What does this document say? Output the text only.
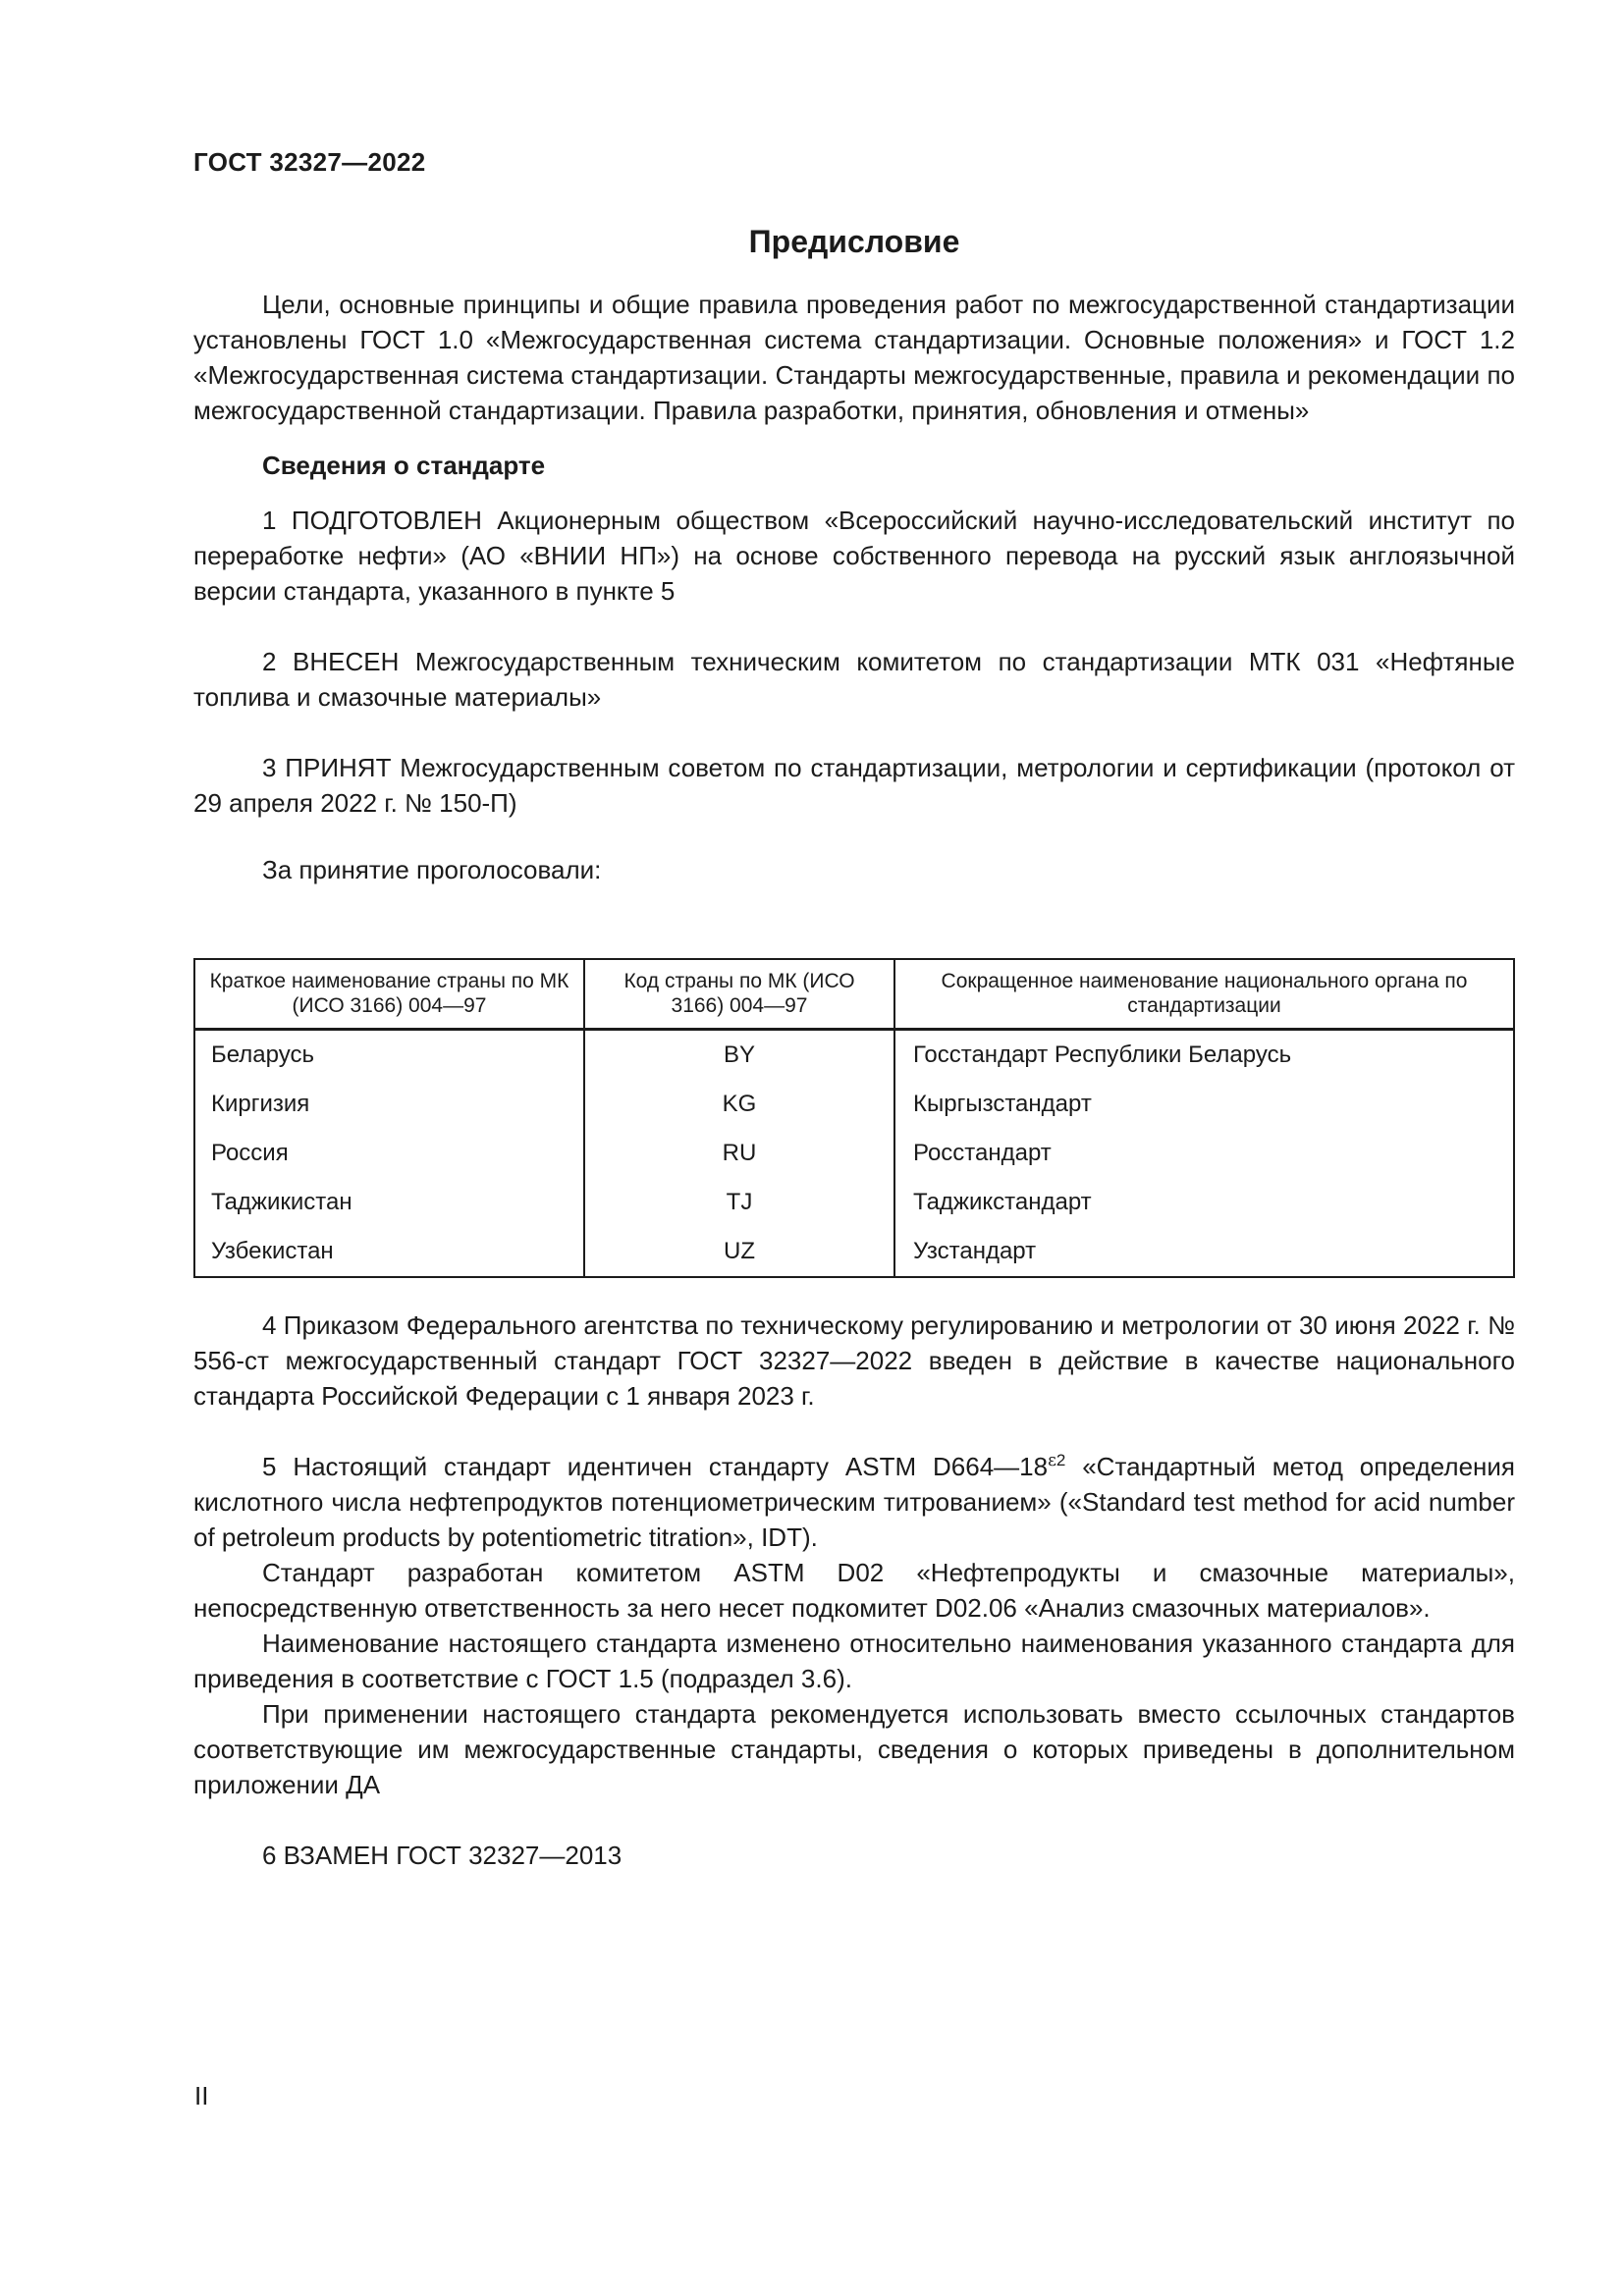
ГОСТ 32327—2022
Предисловие

Цели, основные принципы и общие правила проведения работ по межгосударственной стандартизации установлены ГОСТ 1.0 «Межгосударственная система стандартизации. Основные положения» и ГОСТ 1.2 «Межгосударственная система стандартизации. Стандарты межгосударственные, правила и рекомендации по межгосударственной стандартизации. Правила разработки, принятия, обновления и отмены»

Сведения о стандарте

1 ПОДГОТОВЛЕН Акционерным обществом «Всероссийский научно-исследовательский институт по переработке нефти» (АО «ВНИИ НП») на основе собственного перевода на русский язык англоязычной версии стандарта, указанного в пункте 5

2 ВНЕСЕН Межгосударственным техническим комитетом по стандартизации МТК 031 «Нефтяные топлива и смазочные материалы»

3 ПРИНЯТ Межгосударственным советом по стандартизации, метрологии и сертификации (протокол от 29 апреля 2022 г. № 150-П)

За принятие проголосовали:

Краткое наименование страны по МК (ИСО 3166) 004—97	Код страны по МК (ИСО 3166) 004—97	Сокращенное наименование национального органа по стандартизации
Беларусь	BY	Госстандарт Республики Беларусь
Киргизия	KG	Кыргызстандарт
Россия	RU	Росстандарт
Таджикистан	TJ	Таджикстандарт
Узбекистан	UZ	Узстандарт

4 Приказом Федерального агентства по техническому регулированию и метрологии от 30 июня 2022 г. № 556-ст межгосударственный стандарт ГОСТ 32327—2022 введен в действие в качестве национального стандарта Российской Федерации с 1 января 2023 г.

5 Настоящий стандарт идентичен стандарту ASTM $D664—18^{\varepsilon 2}$ «Стандартный метод определения кислотного числа нефтепродуктов потенциометрическим титрованием» («Standard test method for acid number of petroleum products by potentiometric titration», IDT).

Стандарт разработан комитетом ASTM D02 «Нефтепродукты и смазочные материалы», непосредственную ответственность за него несет подкомитет D02.06 «Анализ смазочных материалов».

Наименование настоящего стандарта изменено относительно наименования указанного стандарта для приведения в соответствие с ГОСТ 1.5 (подраздел 3.6).

При применении настоящего стандарта рекомендуется использовать вместо ссылочных стандартов соответствующие им межгосударственные стандарты, сведения о которых приведены в дополнительном приложении ДА

6 ВЗАМЕН ГОСТ 32327—2013

II
